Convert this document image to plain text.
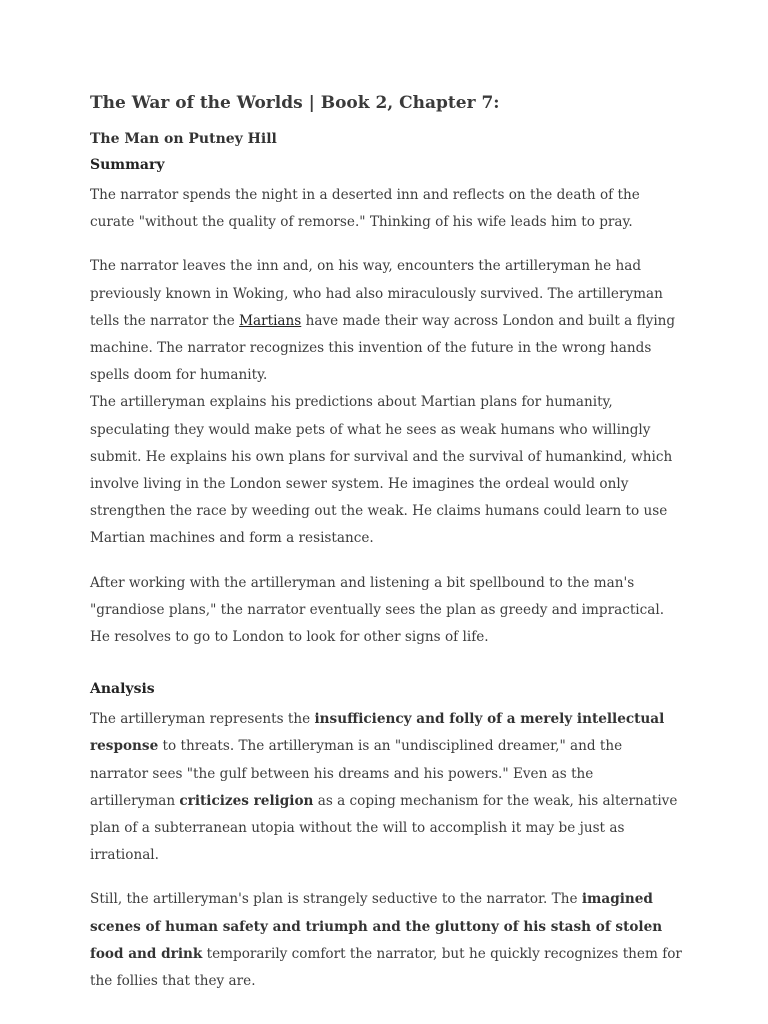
The War of the Worlds | Book 2, Chapter 7:
The Man on Putney Hill
Summary

The narrator spends the night in a deserted inn and reflects on the death of the curate "without the quality of remorse." Thinking of his wife leads him to pray.

The narrator leaves the inn and, on his way, encounters the artilleryman he had previously known in Woking, who had also miraculously survived. The artilleryman tells the narrator the Martians have made their way across London and built a flying machine. The narrator recognizes this invention of the future in the wrong hands spells doom for humanity.

The artilleryman explains his predictions about Martian plans for humanity, speculating they would make pets of what he sees as weak humans who willingly submit. He explains his own plans for survival and the survival of humankind, which involve living in the London sewer system. He imagines the ordeal would only strengthen the race by weeding out the weak. He claims humans could learn to use Martian machines and form a resistance.

After working with the artilleryman and listening a bit spellbound to the man's "grandiose plans," the narrator eventually sees the plan as greedy and impractical. He resolves to go to London to look for other signs of life.

Analysis

The artilleryman represents the insufficiency and folly of a merely intellectual response to threats. The artilleryman is an "undisciplined dreamer," and the narrator sees "the gulf between his dreams and his powers." Even as the artilleryman criticizes religion as a coping mechanism for the weak, his alternative plan of a subterranean utopia without the will to accomplish it may be just as irrational.

Still, the artilleryman's plan is strangely seductive to the narrator. The imagined scenes of human safety and triumph and the gluttony of his stash of stolen food and drink temporarily comfort the narrator, but he quickly recognizes them for the follies that they are.
